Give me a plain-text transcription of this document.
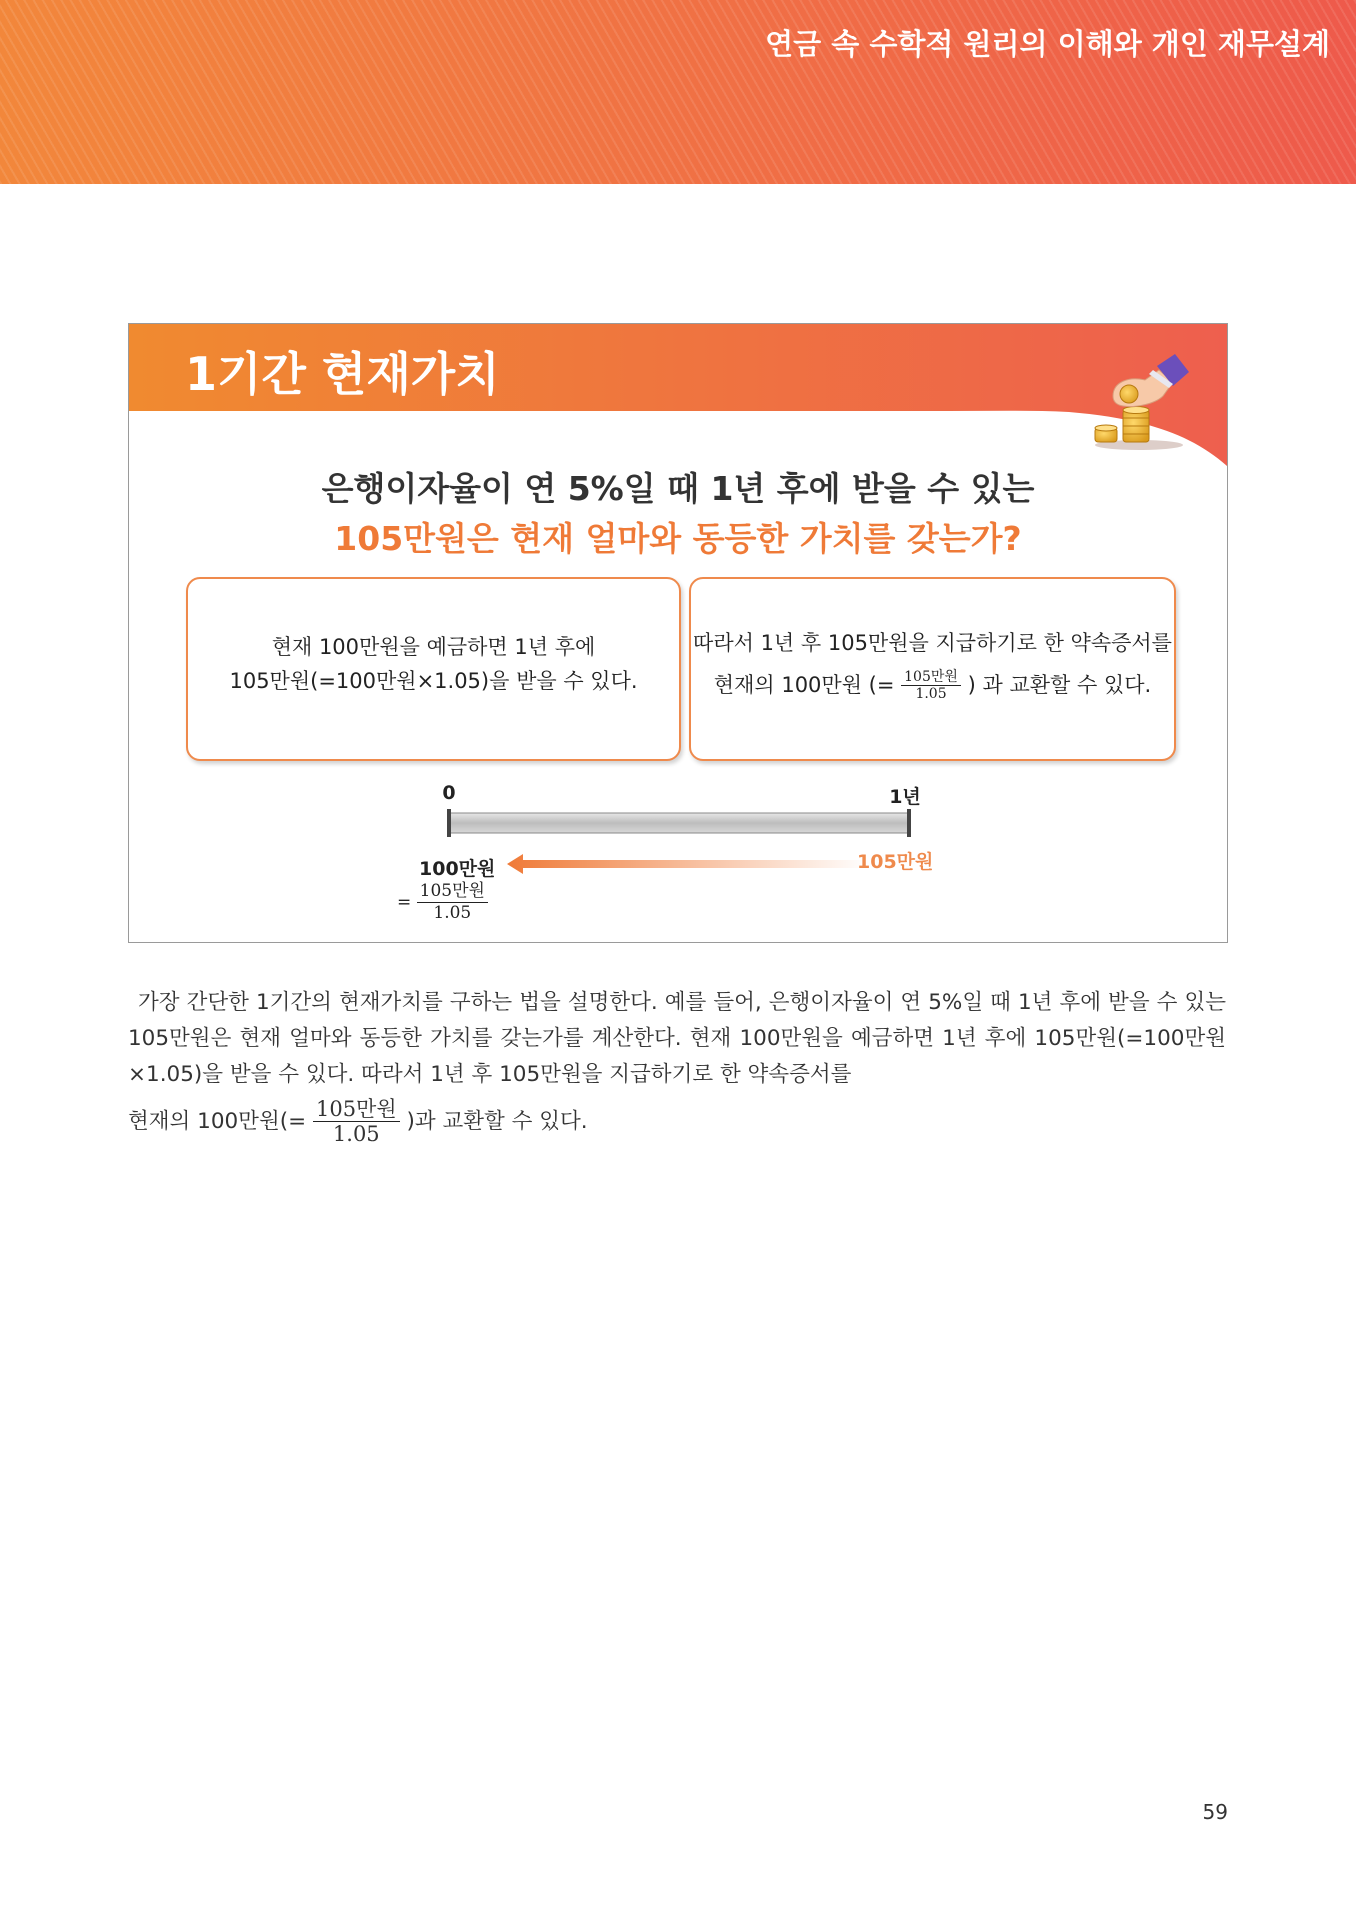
연금 속 수학적 원리의 이해와 개인 재무설계
1기간 현재가치
은행이자율이 연 5%일 때 1년 후에 받을 수 있는
105만원은 현재 얼마와 동등한 가치를 갖는가?
현재 100만원을 예금하면 1년 후에
105만원(=100만원×1.05)을 받을 수 있다.
따라서 1년 후 105만원을 지급하기로 한 약속증서를
현재의 100만원 (= $\frac{\text{105만원}}{1.05}$ ) 과 교환할 수 있다.
0	1년
100만원	105만원
= $\frac{\text{105만원}}{1.05}$
가장 간단한 1기간의 현재가치를 구하는 법을 설명한다. 예를 들어, 은행이자율이 연 5%일 때 1년 후에 받을 수 있는 105만원은 현재 얼마와 동등한 가치를 갖는가를 계산한다. 현재 100만원을 예금하면 1년 후에 105만원(=100만원×1.05)을 받을 수 있다. 따라서 1년 후 105만원을 지급하기로 한 약속증서를
현재의 100만원(= $\frac{\text{105만원}}{1.05}$ )과 교환할 수 있다.
59
